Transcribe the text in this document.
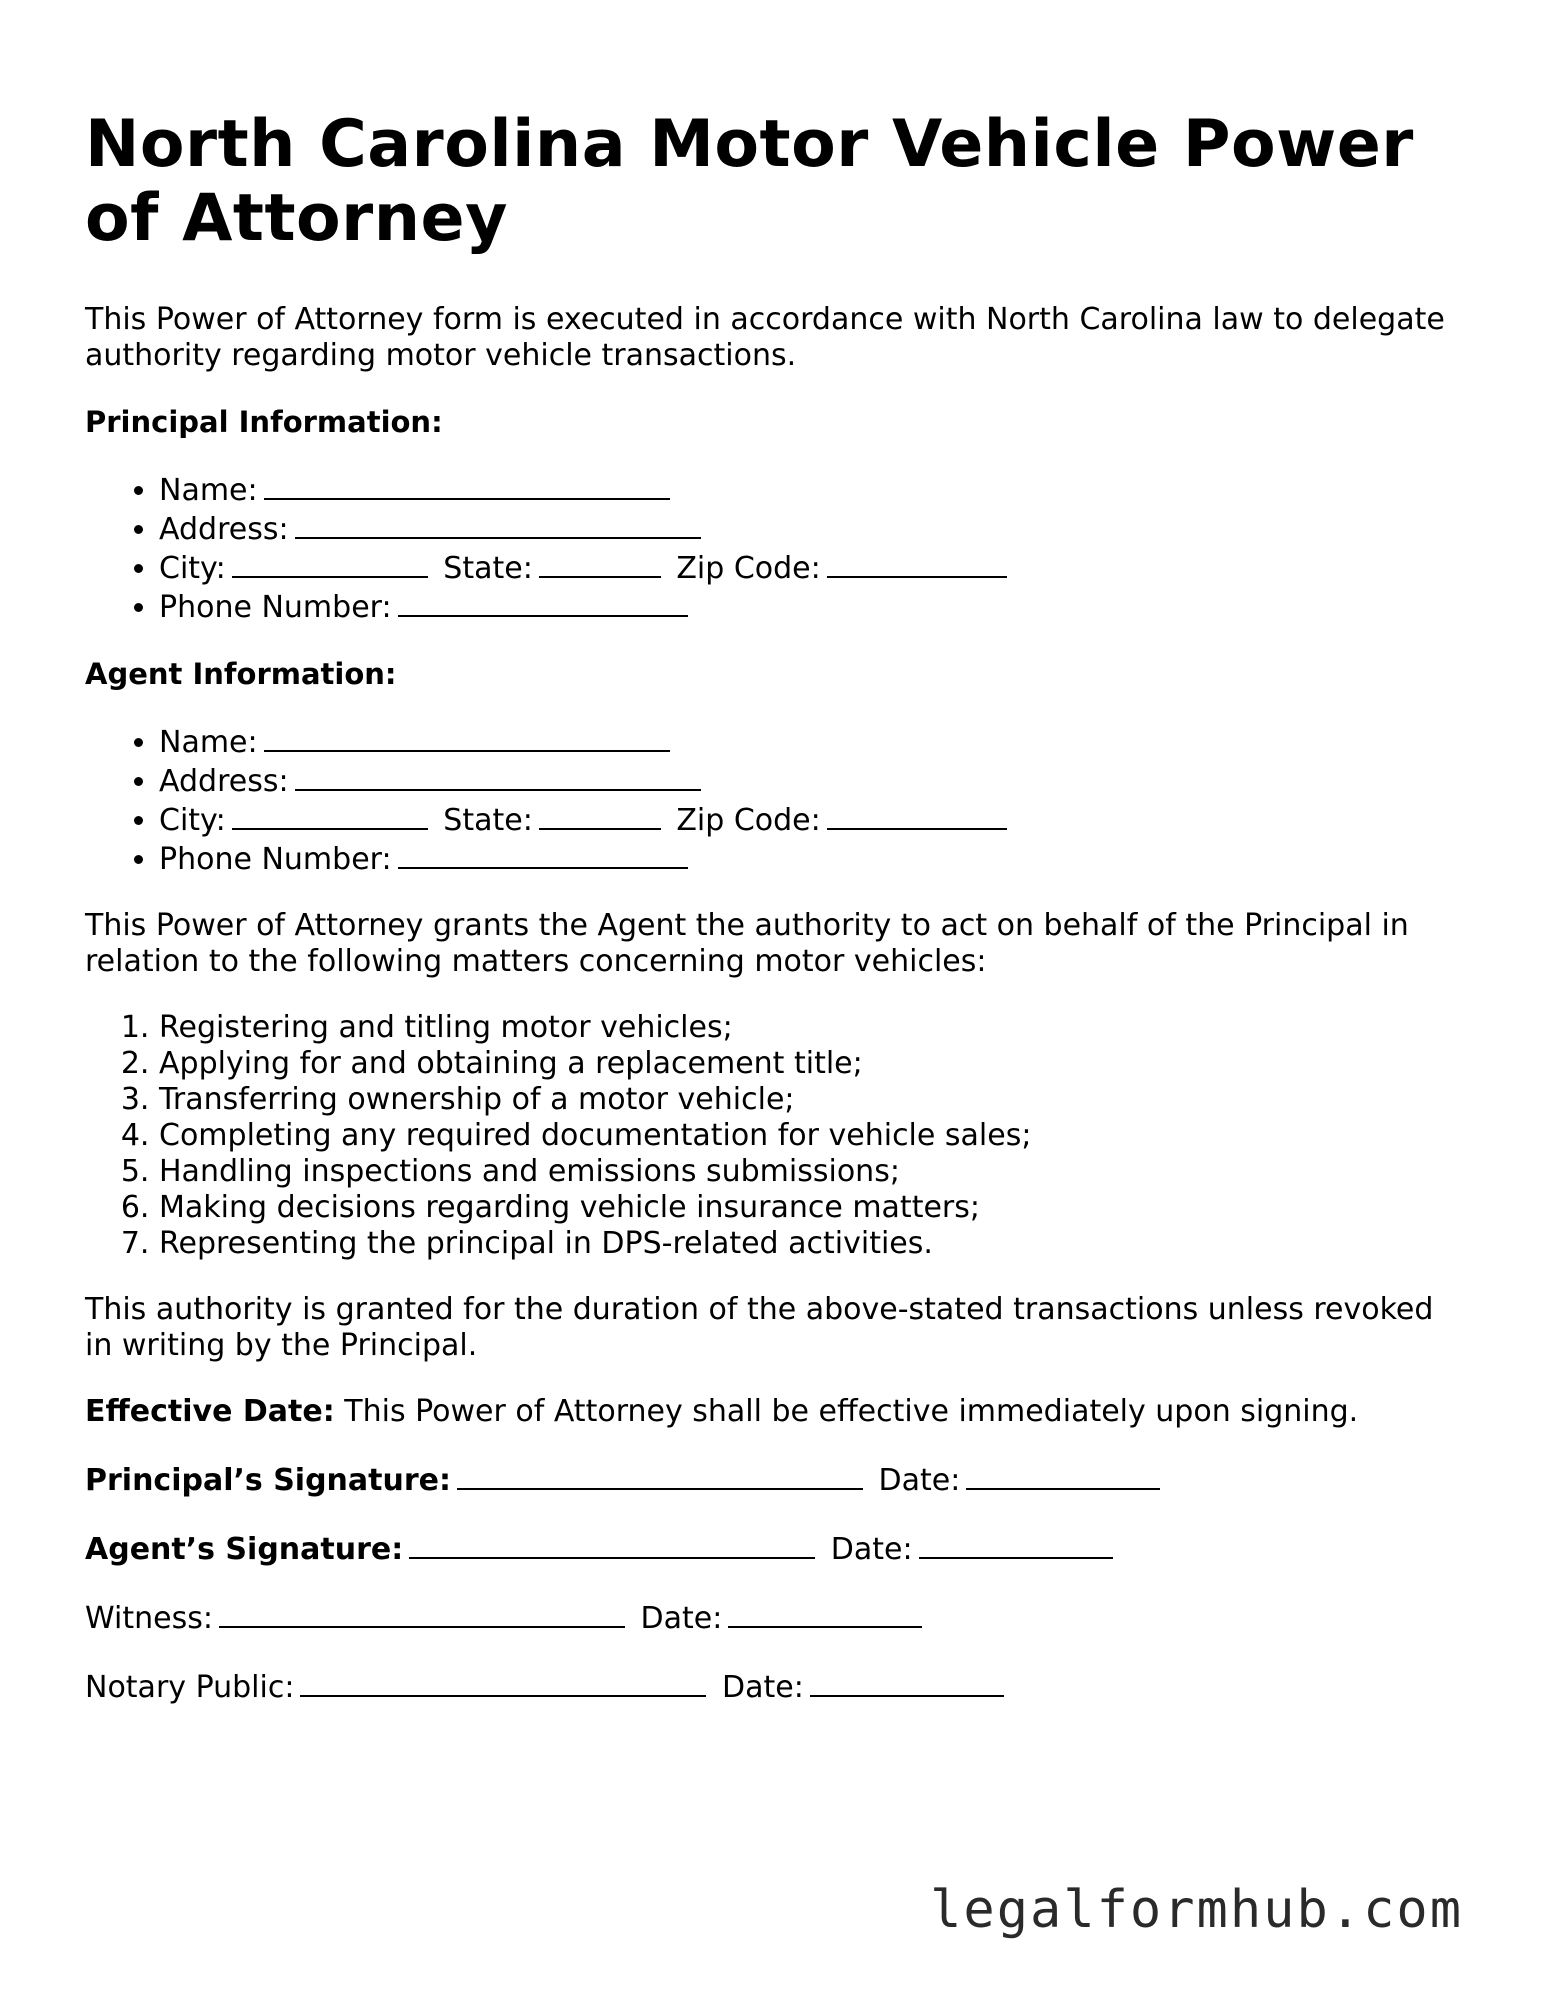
North Carolina Motor Vehicle Power of Attorney

This Power of Attorney form is executed in accordance with North Carolina law to delegate authority regarding motor vehicle transactions.

Principal Information:
• Name:
• Address:
• City:	State:	Zip Code:
• Phone Number:
Agent Information:
• Name:
• Address:
• City:	State:	Zip Code:
• Phone Number:

This Power of Attorney grants the Agent the authority to act on behalf of the Principal in relation to the following matters concerning motor vehicles:

1. Registering and titling motor vehicles;
2. Applying for and obtaining a replacement title;
3. Transferring ownership of a motor vehicle;
4. Completing any required documentation for vehicle sales;
5. Handling inspections and emissions submissions;
6. Making decisions regarding vehicle insurance matters;
7. Representing the principal in DPS-related activities.

This authority is granted for the duration of the above-stated transactions unless revoked in writing by the Principal.

Effective Date: This Power of Attorney shall be effective immediately upon signing.

Principal’s Signature:	Date:

Agent’s Signature:	Date:

Witness:	Date:

Notary Public:	Date:

legalformhub.com
